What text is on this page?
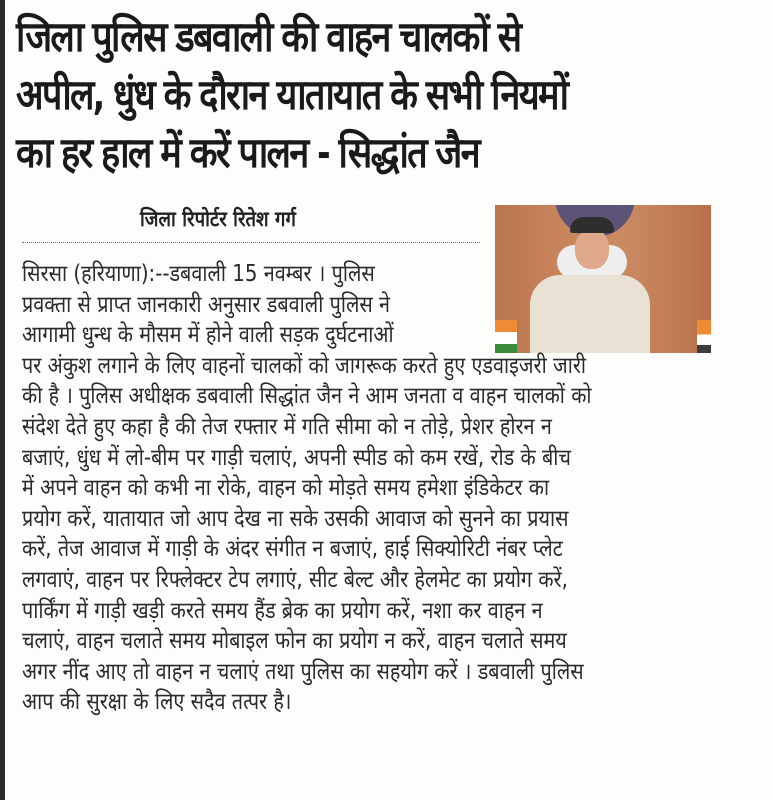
जिला पुलिस डबवाली की वाहन चालकों से
अपील, धुंध के दौरान यातायात के सभी नियमों
का हर हाल में करें पालन - सिद्धांत जैन
जिला रिपोर्टर रितेश गर्ग
सिरसा (हरियाणा):--डबवाली 15 नवम्बर । पुलिस
प्रवक्ता से प्राप्त जानकारी अनुसार डबवाली पुलिस ने
आगामी धुन्ध के मौसम में होने वाली सड़क दुर्घटनाओं
पर अंकुश लगाने के लिए वाहनों चालकों को जागरूक करते हुए एडवाइजरी जारी
की है । पुलिस अधीक्षक डबवाली सिद्धांत जैन ने आम जनता व वाहन चालकों को
संदेश देते हुए कहा है की तेज रफ्तार में गति सीमा को न तोड़े, प्रेशर होरन न
बजाएं, धुंध में लो-बीम पर गाड़ी चलाएं, अपनी स्पीड को कम रखें, रोड के बीच
में अपने वाहन को कभी ना रोके, वाहन को मोड़ते समय हमेशा इंडिकेटर का
प्रयोग करें, यातायात जो आप देख ना सके उसकी आवाज को सुनने का प्रयास
करें, तेज आवाज में गाड़ी के अंदर संगीत न बजाएं, हाई सिक्योरिटी नंबर प्लेट
लगवाएं, वाहन पर रिफ्लेक्टर टेप लगाएं, सीट बेल्ट और हेलमेट का प्रयोग करें,
पार्किंग में गाड़ी खड़ी करते समय हैंड ब्रेक का प्रयोग करें, नशा कर वाहन न
चलाएं, वाहन चलाते समय मोबाइल फोन का प्रयोग न करें, वाहन चलाते समय
अगर नींद आए तो वाहन न चलाएं तथा पुलिस का सहयोग करें । डबवाली पुलिस
आप की सुरक्षा के लिए सदैव तत्पर है।
